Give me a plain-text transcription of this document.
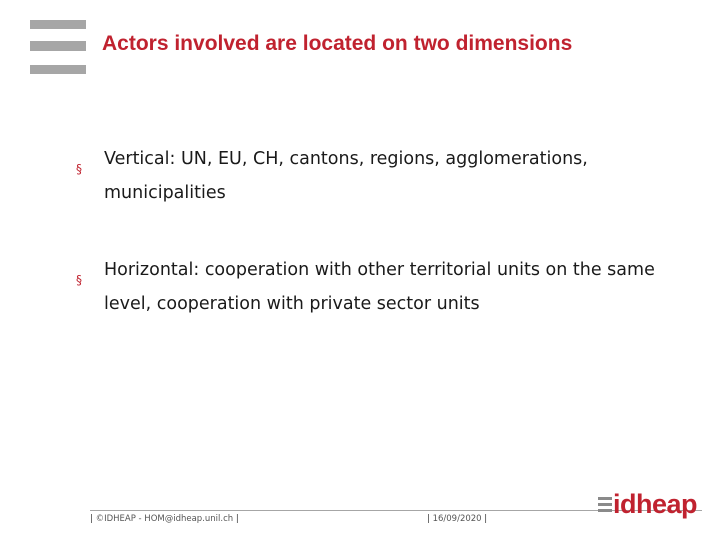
Actors involved are located on two dimensions
§ Vertical: UN, EU, CH, cantons, regions, agglomerations, municipalities
§ Horizontal: cooperation with other territorial units on the same level, cooperation with private sector units
| ©IDHEAP - HOM@idheap.unil.ch |	| 16/09/2020 |	idheap
